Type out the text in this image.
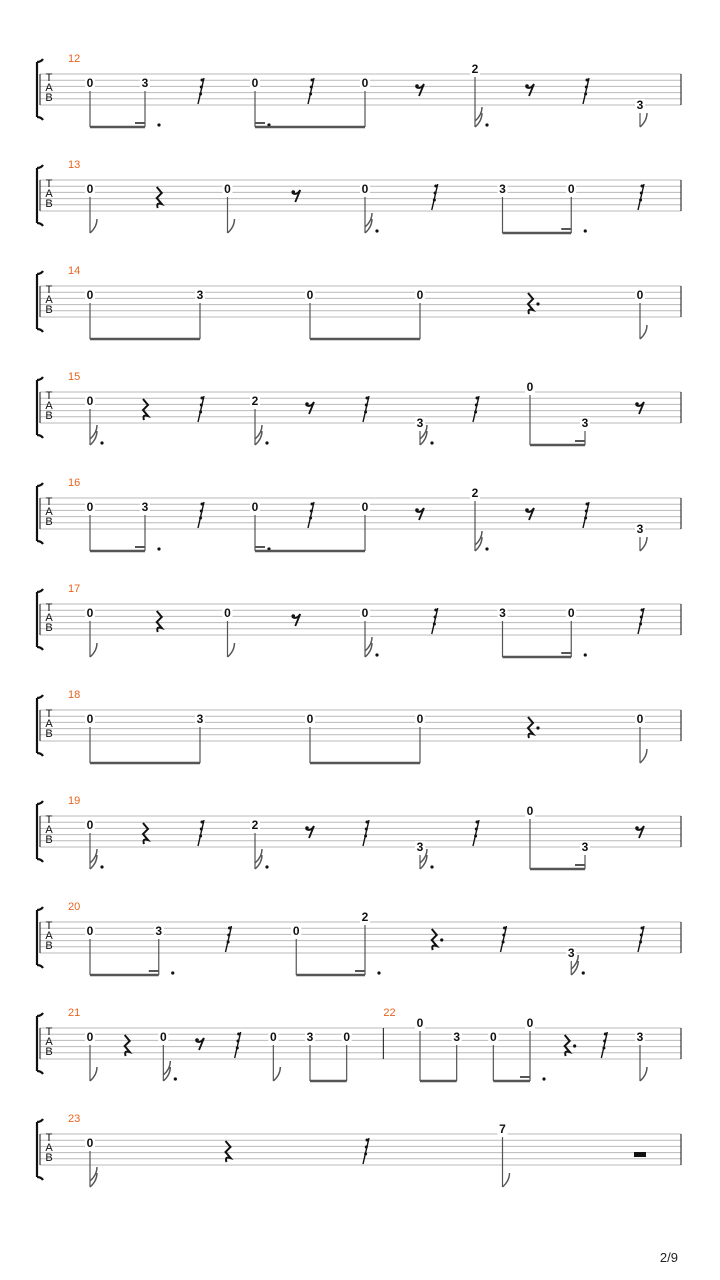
T
A
B
12
0	3	0	0
2
3
T
A
B
13
0	0	0	3	0
T
A
B
14
0	3	0	0	0
T
A
B
15
0	2
3
0
3
T
A
B
16
0	3	0	0
2
3
T
A
B
17
0	0	0	3	0
T
A
B
18
0	3	0	0	0
T
A
B
19
0	2
3
0
3
T
A
B
20
0	3	0
2
3
T
A
B
21
0	0	0 3 0
22
0
3 0
0
3
T
A
B
23
0
7
2/9
